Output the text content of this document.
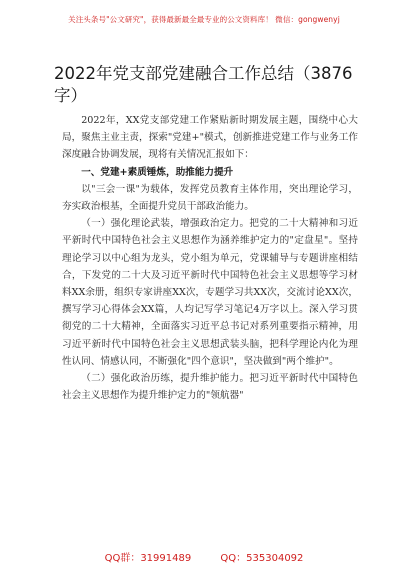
关注头条号"公文研究"，获得最新最全最专业的公文资料库！ 微信：gongwenyj
2022年党支部党建融合工作总结（3876字）

2022年，XX党支部党建工作紧贴新时期发展主题，围绕中心大局，聚焦主业主责，探索"党建+"模式，创新推进党建工作与业务工作深度融合协调发展，现将有关情况汇报如下：

一、党建+素质锤炼，助推能力提升

以"三会一课"为载体，发挥党员教育主体作用，突出理论学习，夯实政治根基，全面提升党员干部政治能力。

（一）强化理论武装，增强政治定力。把党的二十大精神和习近平新时代中国特色社会主义思想作为涵养维护定力的"定盘星"。坚持理论学习以中心组为龙头，党小组为单元，党课辅导与专题讲座相结合，下发党的二十大及习近平新时代中国特色社会主义思想等学习材料XX余册，组织专家讲座XX次，专题学习共XX次，交流讨论XX次，撰写学习心得体会XX篇，人均记写学习笔记4万字以上。深入学习贯彻党的二十大精神，全面落实习近平总书记对系列重要指示精神，用习近平新时代中国特色社会主义思想武装头脑，把科学理论内化为理性认同、情感认同，不断强化"四个意识"，坚决做到"两个维护"。

（二）强化政治历练，提升维护能力。把习近平新时代中国特色社会主义思想作为提升维护定力的"领航器"

QQ群：31991489	QQ：535304092
